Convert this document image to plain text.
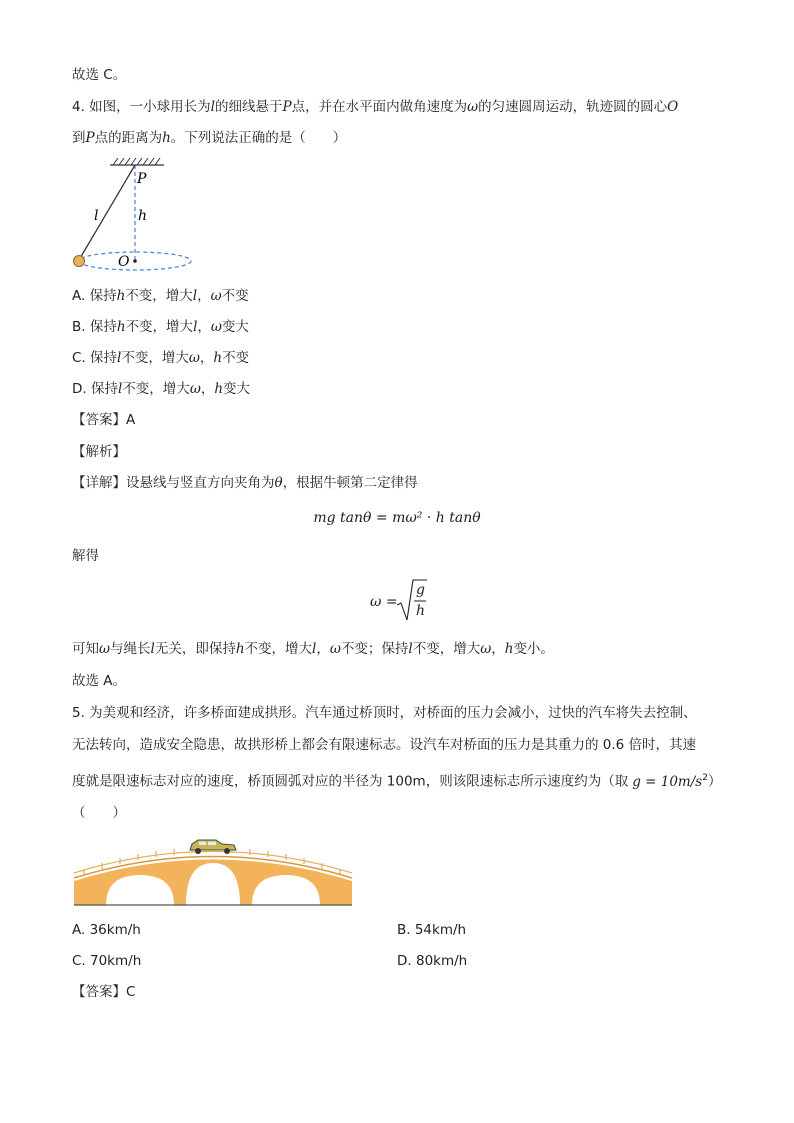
故选 C。
4. 如图，一小球用长为l的细线悬于P点，并在水平面内做角速度为ω的匀速圆周运动，轨迹圆的圆心O
到P点的距离为h。下列说法正确的是（　　）
P
l	h
O
A. 保持h不变，增大l，ω不变
B. 保持h不变，增大l，ω变大
C. 保持l不变，增大ω，h不变
D. 保持l不变，增大ω，h变大
【答案】A
【解析】
【详解】设悬线与竖直方向夹角为θ，根据牛顿第二定律得
mg tanθ = mω² · h tanθ
解得
ω =
g
h
可知ω与绳长l无关，即保持h不变，增大l，ω不变；保持l不变，增大ω，h变小。
故选 A。
5. 为美观和经济，许多桥面建成拱形。汽车通过桥顶时，对桥面的压力会减小，过快的汽车将失去控制、
无法转向，造成安全隐患，故拱形桥上都会有限速标志。设汽车对桥面的压力是其重力的 0.6 倍时，其速
度就是限速标志对应的速度，桥顶圆弧对应的半径为 100m，则该限速标志所示速度约为（取 $g = 10m/s^2$）
（　　）
A. 36km/h	B. 54km/h
C. 70km/h	D. 80km/h
【答案】C
